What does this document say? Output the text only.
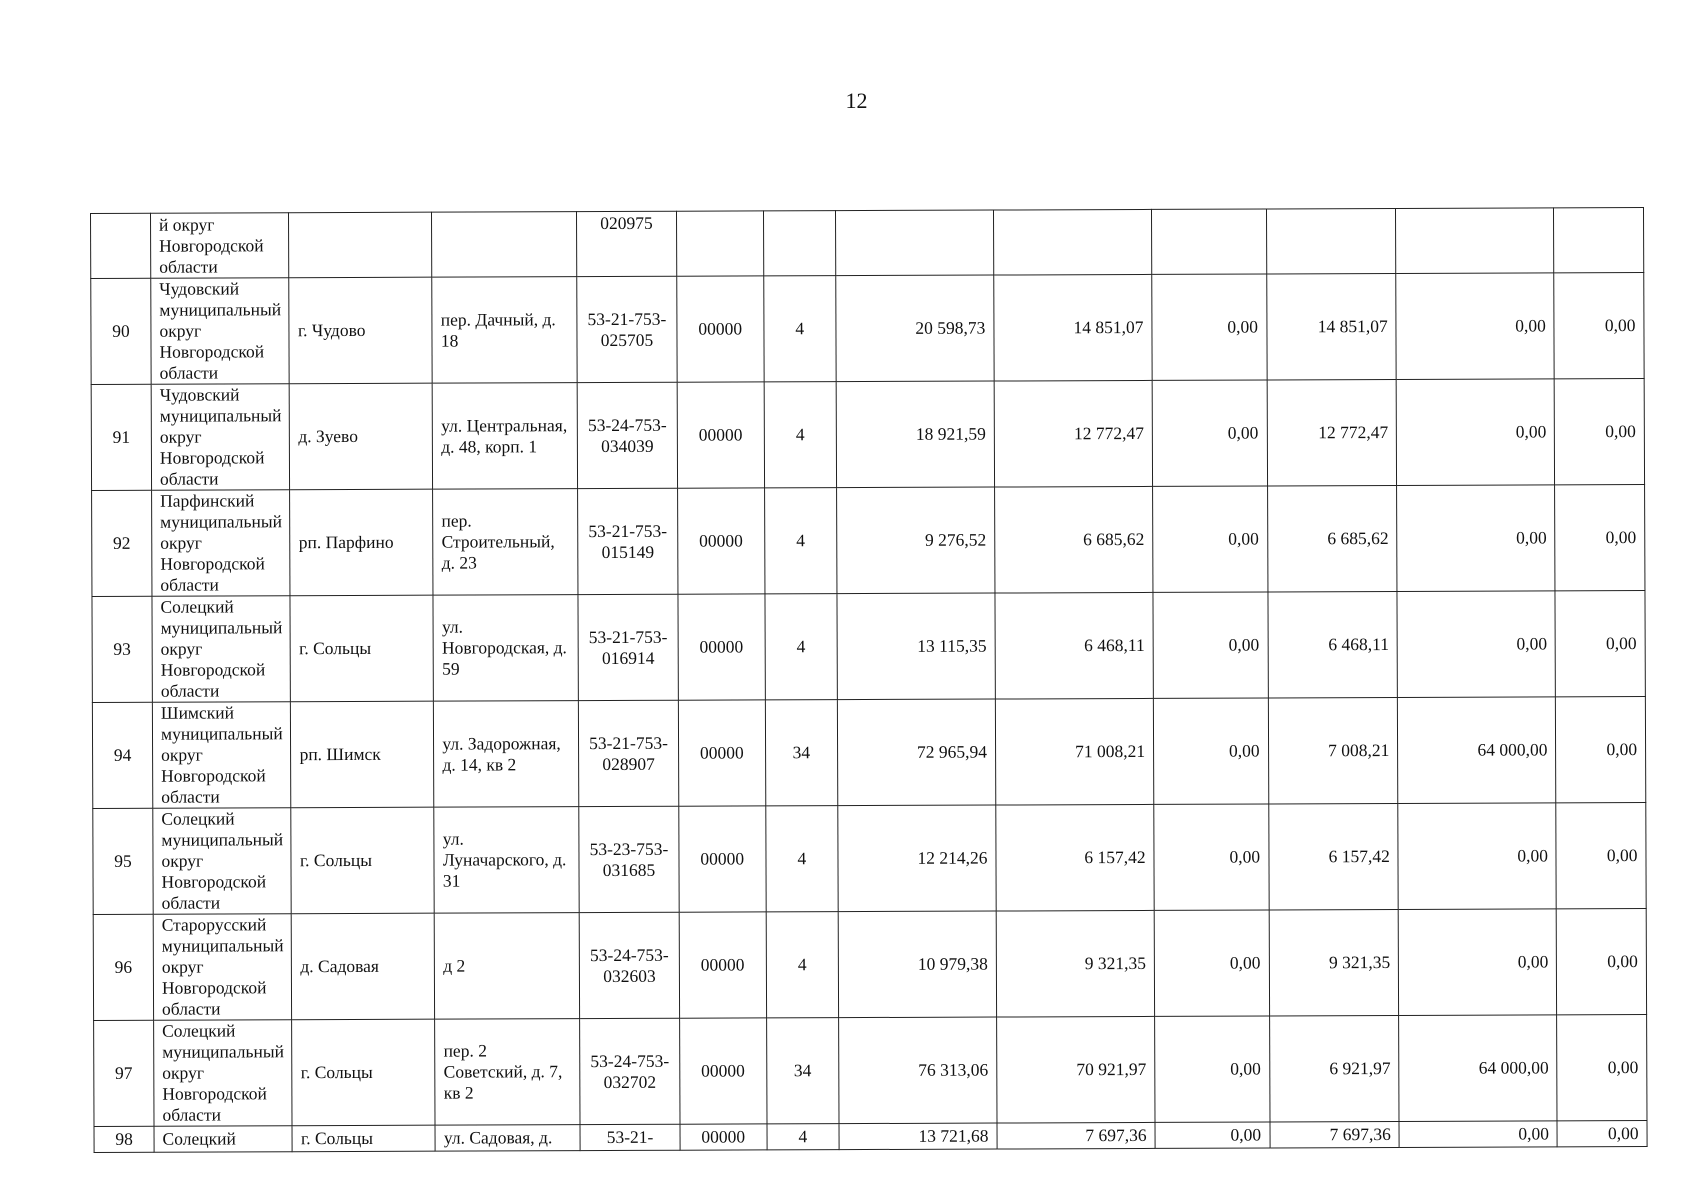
12
	й округ Новгородской области			020975								
90	Чудовский муниципальный округ Новгородской области	г. Чудово	пер. Дачный, д. 18	53-21-753-025705	00000	4	20 598,73	14 851,07	0,00	14 851,07	0,00	0,00
91	Чудовский муниципальный округ Новгородской области	д. Зуево	ул. Центральная, д. 48, корп. 1	53-24-753-034039	00000	4	18 921,59	12 772,47	0,00	12 772,47	0,00	0,00
92	Парфинский муниципальный округ Новгородской области	рп. Парфино	пер. Строительный, д. 23	53-21-753-015149	00000	4	9 276,52	6 685,62	0,00	6 685,62	0,00	0,00
93	Солецкий муниципальный округ Новгородской области	г. Сольцы	ул. Новгородская, д. 59	53-21-753-016914	00000	4	13 115,35	6 468,11	0,00	6 468,11	0,00	0,00
94	Шимский муниципальный округ Новгородской области	рп. Шимск	ул. Задорожная, д. 14, кв 2	53-21-753-028907	00000	34	72 965,94	71 008,21	0,00	7 008,21	64 000,00	0,00
95	Солецкий муниципальный округ Новгородской области	г. Сольцы	ул. Луначарского, д. 31	53-23-753-031685	00000	4	12 214,26	6 157,42	0,00	6 157,42	0,00	0,00
96	Старорусский муниципальный округ Новгородской области	д. Садовая	д 2	53-24-753-032603	00000	4	10 979,38	9 321,35	0,00	9 321,35	0,00	0,00
97	Солецкий муниципальный округ Новгородской области	г. Сольцы	пер. 2 Советский, д. 7, кв 2	53-24-753-032702	00000	34	76 313,06	70 921,97	0,00	6 921,97	64 000,00	0,00
98	Солецкий	г. Сольцы	ул. Садовая, д.	53-21-	00000	4	13 721,68	7 697,36	0,00	7 697,36	0,00	0,00
